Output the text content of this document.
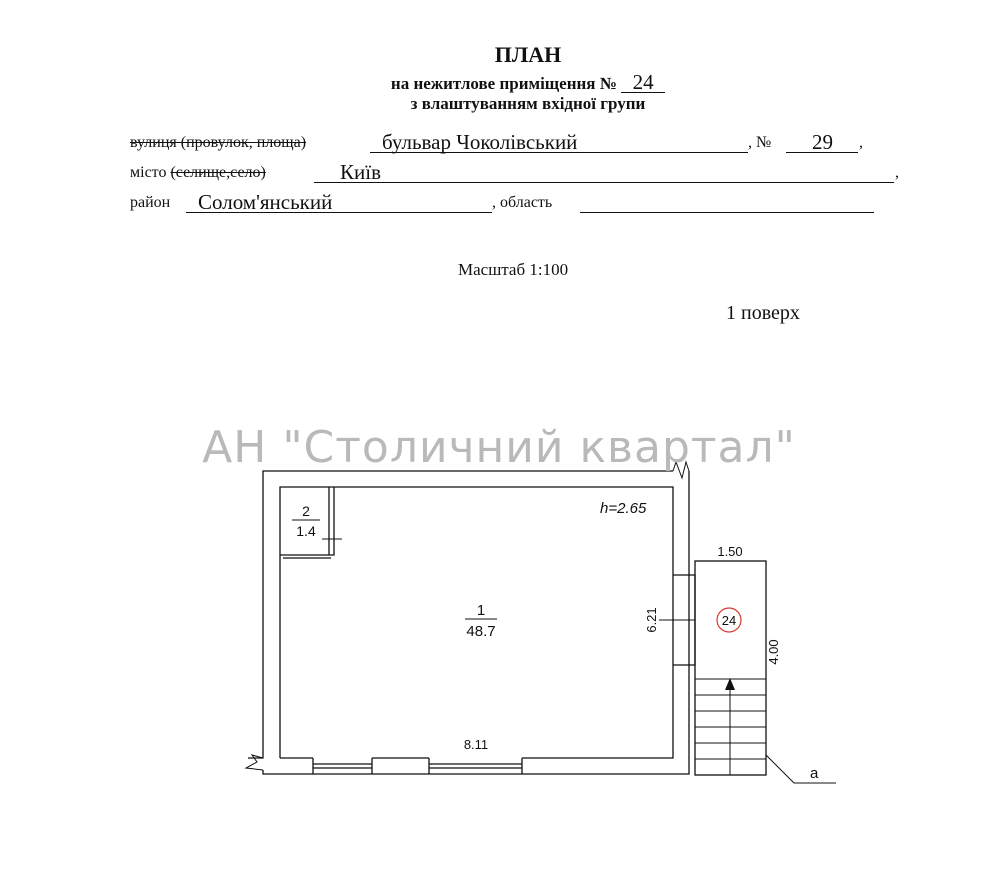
ПЛАН
на нежитлове приміщення № 24
з влаштуванням вхідної групи
вулиця (провулок, площа)	бульвар Чоколівський	, №	29	,
місто (селище,село)	Київ	,
район	Солом'янський	, область
Масштаб 1:100
1 поверх
24
1
48.7
2
1.4
h=2.65
8.11
6.21
1.50
4.00
а
АН "Столичний квартал"
